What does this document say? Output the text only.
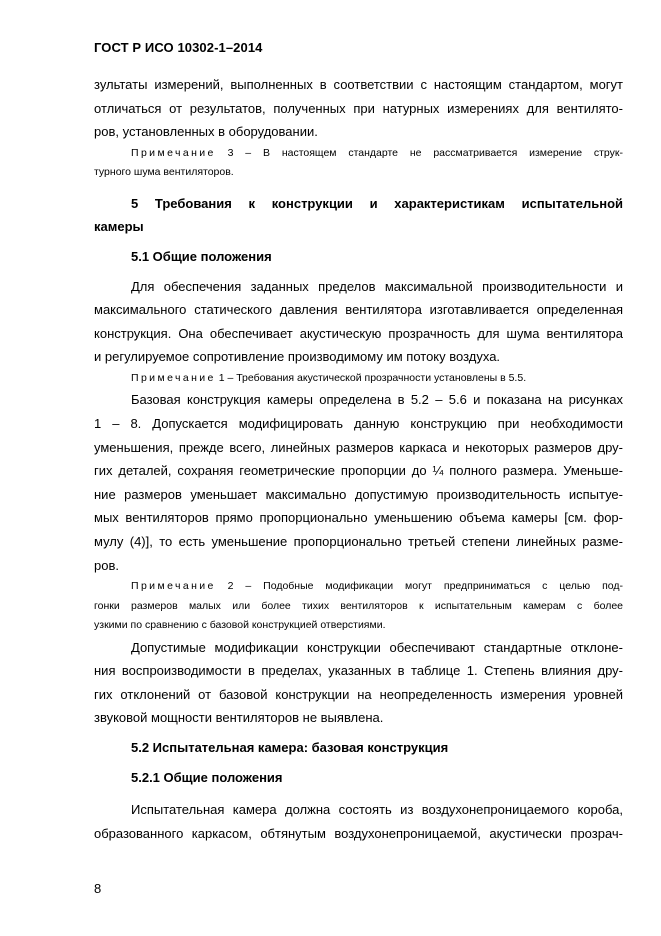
ГОСТ Р ИСО 10302-1–2014
зультаты измерений, выполненных в соответствии с настоящим стандартом, могут
отличаться от результатов, полученных при натурных измерениях для вентилято-
ров, установленных в оборудовании.
Примечание 3 – В настоящем стандарте не рассматривается измерение струк-
турного шума вентиляторов.
5 Требования к конструкции и характеристикам испытательной
камеры
5.1 Общие положения
Для обеспечения заданных пределов максимальной производительности и
максимального статического давления вентилятора изготавливается определенная
конструкция. Она обеспечивает акустическую прозрачность для шума вентилятора
и регулируемое сопротивление производимому им потоку воздуха.
Примечание 1 – Требования акустической прозрачности установлены в 5.5.
Базовая конструкция камеры определена в 5.2 – 5.6 и показана на рисунках
1 – 8. Допускается модифицировать данную конструкцию при необходимости
уменьшения, прежде всего, линейных размеров каркаса и некоторых размеров дру-
гих деталей, сохраняя геометрические пропорции до ¼ полного размера. Уменьше-
ние размеров уменьшает максимально допустимую производительность испытуе-
мых вентиляторов прямо пропорционально уменьшению объема камеры [см. фор-
мулу (4)], то есть уменьшение пропорционально третьей степени линейных разме-
ров.
Примечание 2 – Подобные модификации могут предприниматься с целью под-
гонки размеров малых или более тихих вентиляторов к испытательным камерам с более
узкими по сравнению с базовой конструкцией отверстиями.
Допустимые модификации конструкции обеспечивают стандартные отклоне-
ния воспроизводимости в пределах, указанных в таблице 1. Степень влияния дру-
гих отклонений от базовой конструкции на неопределенность измерения уровней
звуковой мощности вентиляторов не выявлена.
5.2 Испытательная камера: базовая конструкция
5.2.1 Общие положения
Испытательная камера должна состоять из воздухонепроницаемого короба,
образованного каркасом, обтянутым воздухонепроницаемой, акустически прозрач-
8
